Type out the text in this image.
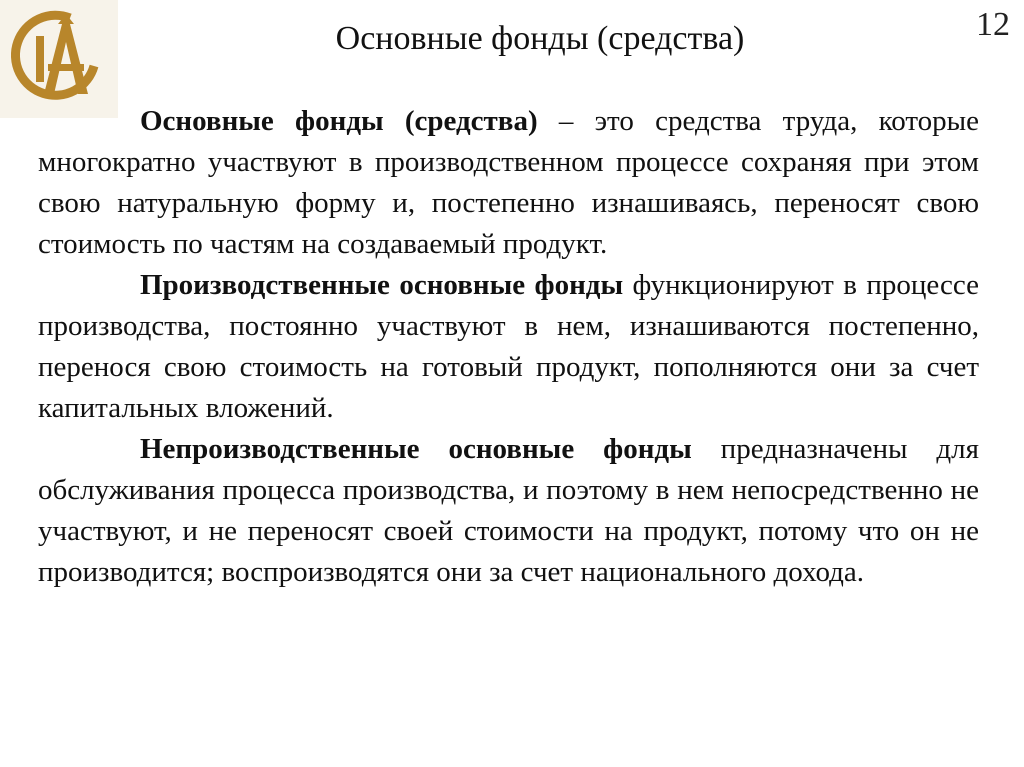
12
Основные фонды (средства)

Основные фонды (средства) – это средства труда, которые многократно участвуют в производственном процессе сохраняя при этом свою натуральную форму и, постепенно изнашиваясь, переносят свою стоимость по частям на создаваемый продукт.

Производственные основные фонды функционируют в процессе производства, постоянно участвуют в нем, изнашиваются постепенно, перенося свою стоимость на готовый продукт, пополняются они за счет капитальных вложений.

Непроизводственные основные фонды предназначены для обслуживания процесса производства, и поэтому в нем непосредственно не участвуют, и не переносят своей стоимости на продукт, потому что он не производится; воспроизводятся они за счет национального дохода.
